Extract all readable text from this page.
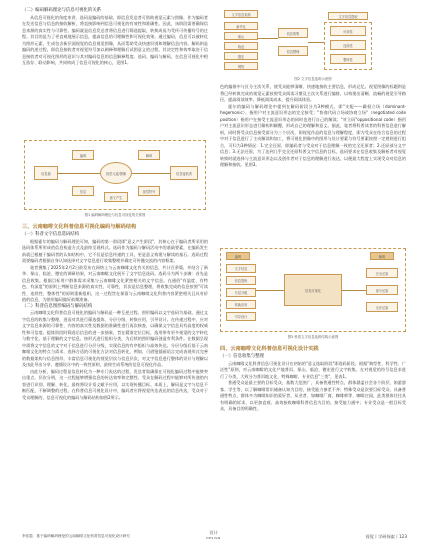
（二）编码解码理论与信息可视化的关系

从信息可视化的角度来讲，选码是编码的基础，即信息发送者可借助视觉元素与图像，作为编码者在发送信息与信息的接收解析，将直接影响到信息可视化的有效性和准确性。因此，该阶段需要确保信息来源的真实性与可靠性。编码就是信息发送者将信息进行筛选提取，转换成易为受传可传播符号的过程。其目的是为了更直观地展示信息，提高信息的可理解性和可视化效果。通过编码，信息可以被转化为图形元素，生成包含新层面视觉的信息视觉图像，从而帮助受众快速识别和理解信息内容。解码则是编码的逆过程，即信息接收者对视觉符号加以阐释和理解后试图意义的过程。其决定性和效率取决于信息接收者对可视化图形的意识与其对编码信息的信息解释程度。选码、编码与解码，在信息可视化中相互依存、联动影响，共同构成了信息可视化的核心，见图1。

信息源
编码
视觉元素/图像
解码
信息接收者
意义产生
信息	视觉符号
图1 编码解码理论与信息可视化的关系图
三、云南咖啡文化科普信息可视化编码与解码结构
（一）科普文字信息选码结构

根据霍尔的编码与解码理论可知，编码的第一阶段即"意义产生阶段"，其核心在于编码者所采用的选码体系所形成的信息构造方式及最终呈现样式。选码作为编码与解码活动中的基础要素，在编码发生前就已根植于编码者的认知结构中，它不仅是信息传递的工具，更是意义构建与解读的基石。选码过程需要编码者根据自身认知选择对文字信息进行收集整理并确定可传播交流的内容框架。

笔者搜集了2025年2月2日前发布在网络上与云南咖啡文化有关的信息，共计百余篇，并结合了新华、保山、临沧、德宏的调研结果，对云南咖啡文化展开了文字信息选码。选码分为两个步骤：首先是信息收集。根据目标用户群体需求采集与云南咖啡文化紧密相关的文字信息。在通俗"有温度、有特色、有深度"的原则上判断信息来源的真实性、可靠性，其次是信息整理，将收集完成的信息按照"可读性、连续性、整体性"的原则重新组织，这一过程旨在保留与云南咖啡文化科普内容紧密相关且具有价值的信息，为图形编码做好前期准备。

（二）科普信息图形编码与解码结构

云南咖啡文化科普信息可视化的编码与解码是一种互逆过程。图形编码以文字选码为基础，通过文字信息的收集与整理，进而对其进行筛选提炼、分层分级、转换应用，引导设计。在传递过程中，应对文字信息来源的可靠性、内容的真实性及数据的准确性进行再次核查，以确保文字信息具有高度的权威性和可信度。提炼阶段时筛选后信息的进一步抽象，旨在精准定位目标，选用带有更多视觉的文字转化与数字化，基于理解的文字信息，按形式进行组织分类，为后续的图形编码创造有利条件。在数据呈现中需将文字信息的文字对于信息进行分层分级，实现信息的有序组织与高效传达。分层分级后基于云南咖啡文化的特点与需求，选择合适的可视化方法对信息转化，例如，可借鉴插画语言完成表现形式完善的数据架构与信息图形，丰富信息可视化的视觉层次与信息层次，对文字信息进行整体的设计与理解以及由此导出分享，遵循设计中的一致性原则，最终生成系统的信息可视化作品。

由此分析，编码过程是信息转化为一种专门表达的过程，发送者需确保在可视化编码过程中能够突出重点，层次分明，这一过程能够增强信息的传达效率和完整性。受众在解码过程中能够对所传递的内容进行识别、理解、转化，最终将设计语义赋予应用，以实现传播目标。本质上，解码是文字与信息不断匹配、不断调整的过程，在科普信息可视化设计中，编码者应将视觉传达表达的信息传达，受众对于受众理解的，信息可视化的编码与解码结构如图2所示。

文字信息来源
新华社
保山
临沧
德宏
网络
信息收集
信息整理
文字信息提取
可读性
连续性
整体性
图2 文字信息选码示意图

色的编排中与区分主次关系，使受众能够清晰、快速地接收主要信息，形成记忆。视觉图像的标题则是将已经转换完成的视觉元素按照受众阅读习惯及主次关系进行编排，以构建出清晰、流畅的视觉引导路径，提高阅读效率，降低阅读成本，提升阅读体验。

霍尔的编码与解码理论中提到在解码阶段分为3种模式，即"支配——霸权立场（dominant-hegemonic）、指用户对主流意识形态的完全接受；"协商代码立场或协商立场"（negotiated code position）指用户在接受主流意识形态的同时也进行自己的解读；"对立码"oppositional code）指用户对主流意识形态进行解构和颠覆，形成自己的理解和意义。据此，笔者将科普读者的科普信息进行解析，同时将受众信息接受面分为三个层次，即视觉作品的信息与理解程度，即为受众在结合信息的过程中对于信息进行了主动解读和加工，将可视化图像中的图形与设计要素与符号要素按照一定规则进行组合，可归为3种情况：1.完全还原，即编码者与受众对于信息理解一致的完全还原者；2.还原部分文字信息；3.无法还原，为了达到几乎完全还原科普文字信息的目标，选码要求在信息收集及解析者对视觉转换时就选择与主流意识形态以及创作者对于信息的理解进行表达，以便最大程度上实现受众对信息的理解和接收。见图3。

编码
文字信息
信息提炼
分层分级
转换应用
引导设计
信息可视化
解码
完全还原
部分还原
无法还原
图3 科普文字信息选码结构示意图
四、云南咖啡文化科普信息可视化设计实践
（一）信息收集与整理

云南咖啡文化科普信息可视化设计在初始的"意义选取阶段"即选码阶段，根据"典型性、科学性、广泛性"原则，对云南咖啡的文化产地普洱、保山、临沧、德宏进行文字收集，在对视觉的符号信息求进行了分类，大致分为普洱地文化、特殊咖啡、专业信息"三类"，见表1。

普通受众是最主要的目标受众，基数大范围广，具备普通性特点，群体涵盖社会各个阶层，如游游客、学生等，以了解咖啡常识储备认知为目的，接受能力参差不齐；特殊受众是次要目标受众，具备普通性特点，群体多为咖啡知识的爱好者、从业者、如咖啡厂商、咖啡师等、咖啡庄园，此类群体往往具有明确的诉求，以更加直观、高效接收咖啡科普信息为目的。接受能力通中；专业受众是一般目标受众，具备目的明确性。

李佳霞：基于编码解码理论的云南咖啡文化科普信息可视化设计研究
设计
DESIGN	视觉丨学研探索丨123
